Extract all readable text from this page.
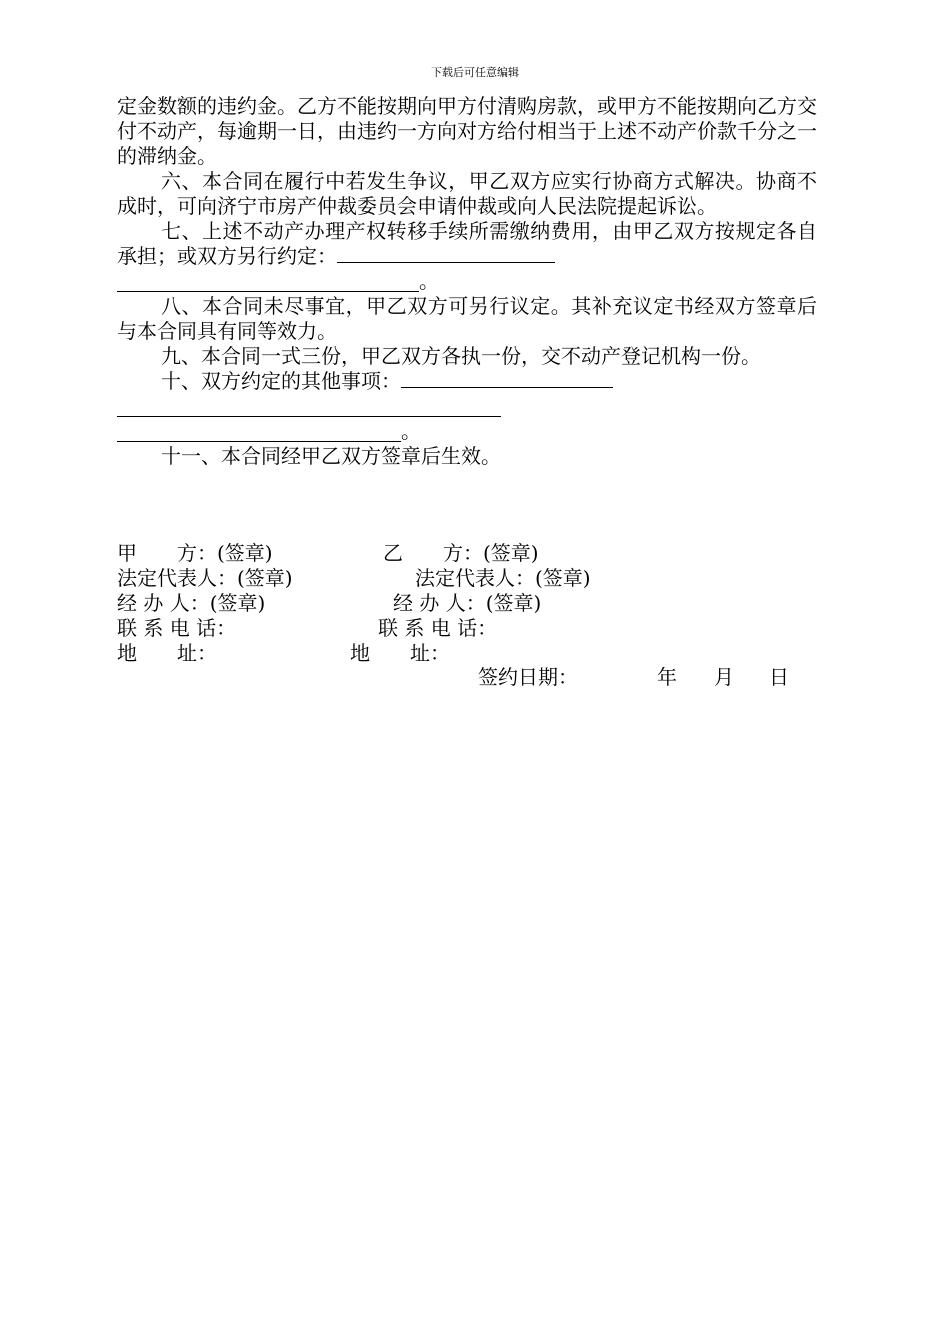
下载后可任意编辑

定金数额的违约金。乙方不能按期向甲方付清购房款，或甲方不能按期向乙方交付不动产，每逾期一日，由违约一方向对方给付相当于上述不动产价款千分之一的滞纳金。

六、本合同在履行中若发生争议，甲乙双方应实行协商方式解决。协商不成时，可向济宁市房产仲裁委员会申请仲裁或向人民法院提起诉讼。

七、上述不动产办理产权转移手续所需缴纳费用，由甲乙双方按规定各自承担；或双方另行约定：

。

八、本合同未尽事宜，甲乙双方可另行议定。其补充议定书经双方签章后与本合同具有同等效力。

九、本合同一式三份，甲乙双方各执一份，交不动产登记机构一份。

十、双方约定的其他事项：

。

十一、本合同经甲乙双方签章后生效。

甲　　方：(签章)	乙　　方：(签章)
法定代表人：(签章)	法定代表人：(签章)
经 办 人：(签章)	经 办 人：(签章)
联 系 电 话：	联 系 电 话：
地　　址：	地　　址：
签约日期：	年 月 日
